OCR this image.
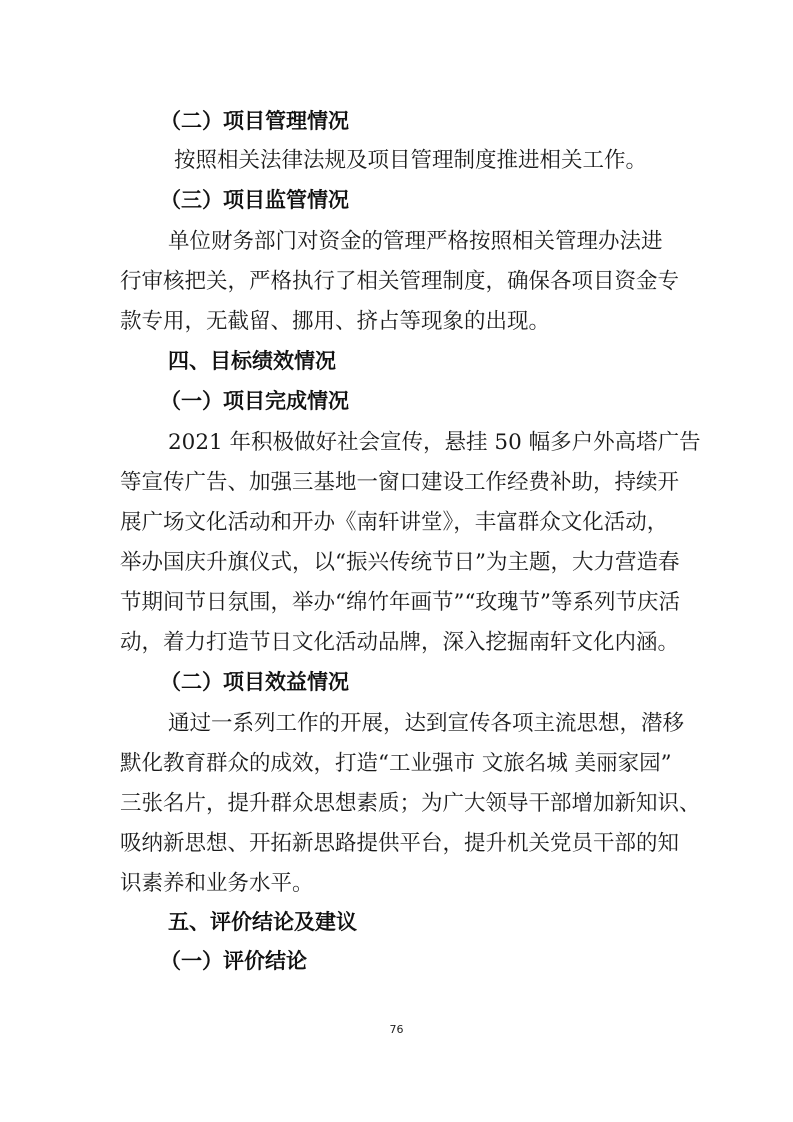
（二）项目管理情况
按照相关法律法规及项目管理制度推进相关工作。
（三）项目监管情况
单位财务部门对资金的管理严格按照相关管理办法进
行审核把关，严格执行了相关管理制度，确保各项目资金专
款专用，无截留、挪用、挤占等现象的出现。
四、目标绩效情况
（一）项目完成情况
2021 年积极做好社会宣传，悬挂 50 幅多户外高塔广告
等宣传广告、加强三基地一窗口建设工作经费补助，持续开
展广场文化活动和开办《南轩讲堂》，丰富群众文化活动，
举办国庆升旗仪式，以“振兴传统节日”为主题，大力营造春
节期间节日氛围，举办“绵竹年画节”“玫瑰节”等系列节庆活
动，着力打造节日文化活动品牌，深入挖掘南轩文化内涵。
（二）项目效益情况
通过一系列工作的开展，达到宣传各项主流思想，潜移
默化教育群众的成效，打造“工业强市 文旅名城 美丽家园”
三张名片，提升群众思想素质；为广大领导干部增加新知识、
吸纳新思想、开拓新思路提供平台，提升机关党员干部的知
识素养和业务水平。
五、评价结论及建议
（一）评价结论
76
